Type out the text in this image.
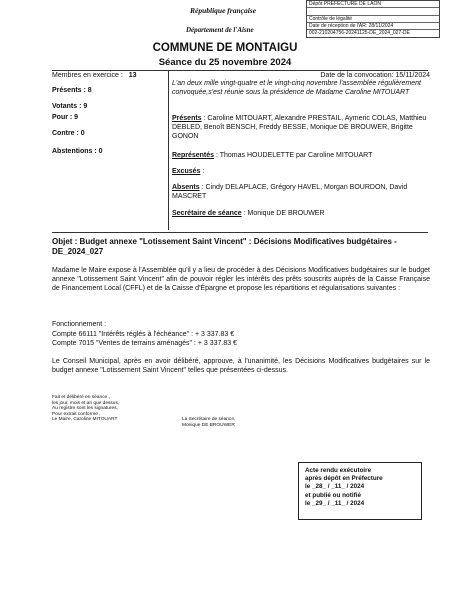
République française
Département de l'Aisne
Dépôt PREFECTURE DE LAON
Contrôle de légalité
Date de réception de l'AR: 28/11/2024
002-210204756-20241125-DE_2024_027-DE
COMMUNE DE MONTAIGU
Séance du 25 novembre 2024
Membres en exercice : 13
Présents : 8
Votants : 9
Pour : 9
Contre : 0
Abstentions : 0
Date de la convocation: 15/11/2024
L'an deux mille vingt-quatre et le vingt-cinq novembre l'assemblée régulièrement convoquée,s'est réunie sous la présidence de Madame Caroline MITOUART
Présents : Caroline MITOUART, Alexandre PRESTAIL, Aymeric COLAS, Matthieu DEBLED, Benoît BENSCH, Freddy BESSE, Monique DE BROUWER, Brigitte GONON
Représentés : Thomas HOUDELETTE par Caroline MITOUART
Excusés :
Absents : Cindy DELAPLACE, Grégory HAVEL, Morgan BOURDON, David MASCRET
Secrétaire de séance : Monique DE BROUWER
Objet : Budget annexe "Lotissement Saint Vincent" : Décisions Modificatives budgétaires - DE_2024_027
Madame le Maire expose à l'Assemblée qu'il y a lieu de procéder à des Décisions Modificatives budgétaires sur le budget annexe "Lotissement Saint Vincent" afin de pouvoir régler les intérêts des prêts souscrits auprès de la Caisse Française de Financement Local (CFFL) et de la Caisse d'Épargne et propose les répartitions et régularisations suivantes :
Fonctionnement :
Compte 66111 "Intérêts réglés à l'échéance" : + 3 337.83 €
Compte 7015 "Ventes de terrains aménagés" : + 3 337.83 €
Le Conseil Municipal, après en avoir délibéré, approuve, à l'unanimité, les Décisions Modificatives budgétaires sur le budget annexe "Lotissement Saint Vincent" telles que présentées ci-dessus.
Fait et délibéré en séance ,
les jour, mois et an que dessus,
Au registre sont les signatures,
Pour extrait conforme ,
Le Maire, Caroline MITOUART	La Secrétaire de séance,
Monique DE BROUWER
Acte rendu exécutoire
après dépôt en Préfecture
le _28_ / _11_ / 2024
et publié ou notifié
le _29_ / _11_ / 2024
